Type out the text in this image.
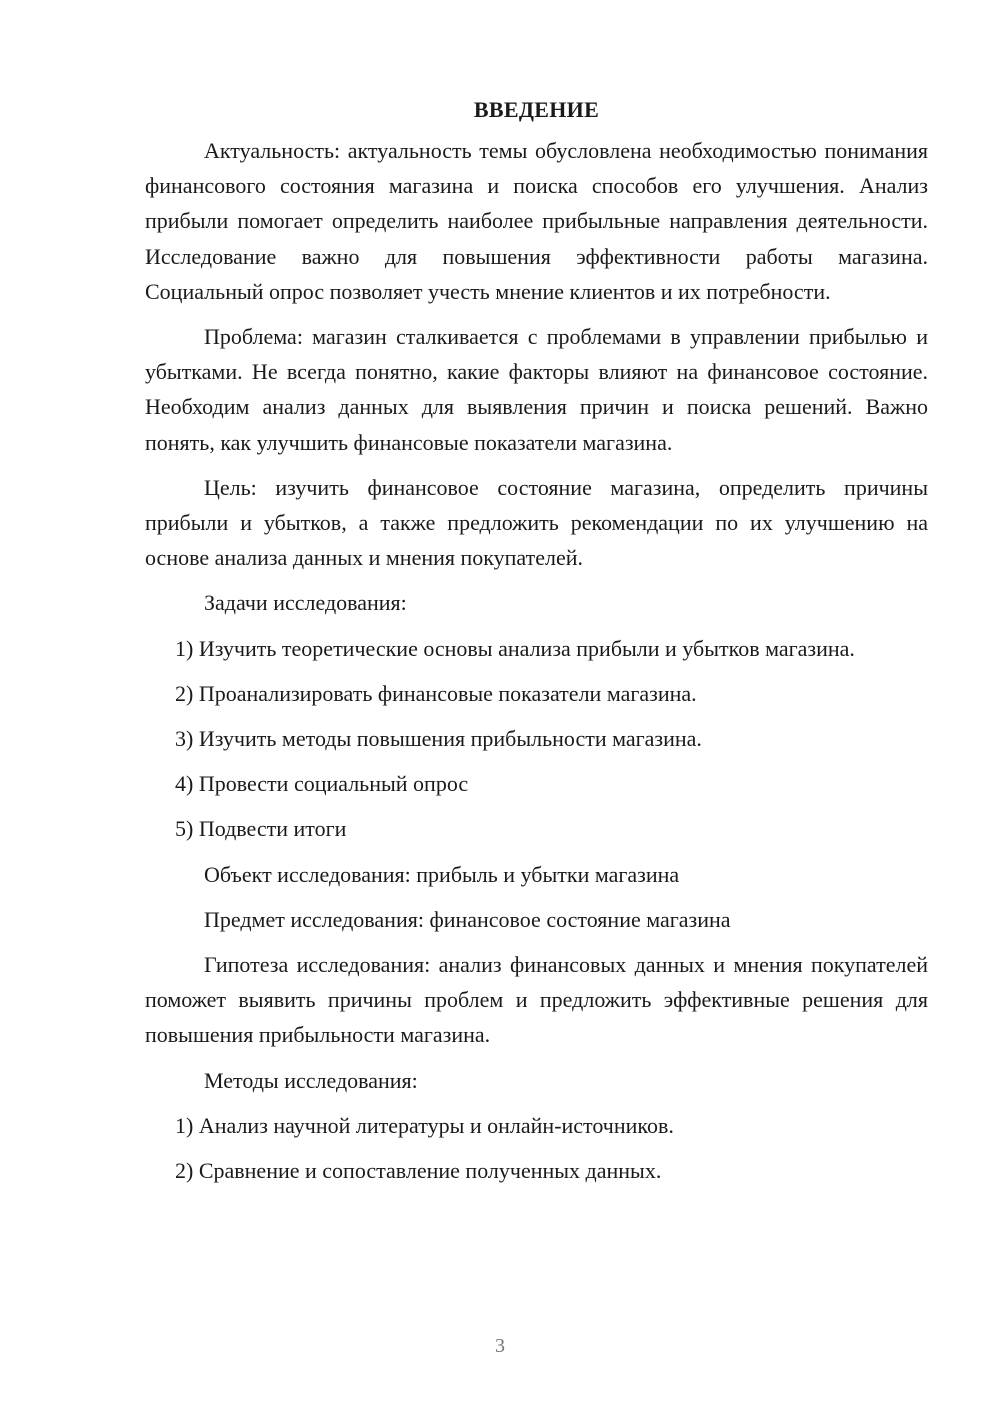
ВВЕДЕНИЕ

Актуальность: актуальность темы обусловлена необходимостью понимания финансового состояния магазина и поиска способов его улучшения. Анализ прибыли помогает определить наиболее прибыльные направления деятельности. Исследование важно для повышения эффективности работы магазина. Социальный опрос позволяет учесть мнение клиентов и их потребности.

Проблема: магазин сталкивается с проблемами в управлении прибылью и убытками. Не всегда понятно, какие факторы влияют на финансовое состояние. Необходим анализ данных для выявления причин и поиска решений. Важно понять, как улучшить финансовые показатели магазина.

Цель: изучить финансовое состояние магазина, определить причины прибыли и убытков, а также предложить рекомендации по их улучшению на основе анализа данных и мнения покупателей.

Задачи исследования:

1) Изучить теоретические основы анализа прибыли и убытков магазина.

2) Проанализировать финансовые показатели магазина.

3) Изучить методы повышения прибыльности магазина.

4) Провести социальный опрос

5) Подвести итоги

Объект исследования: прибыль и убытки магазина

Предмет исследования: финансовое состояние магазина

Гипотеза исследования: анализ финансовых данных и мнения покупателей поможет выявить причины проблем и предложить эффективные решения для повышения прибыльности магазина.

Методы исследования:

1) Анализ научной литературы и онлайн-источников.

2) Сравнение и сопоставление полученных данных.

3
